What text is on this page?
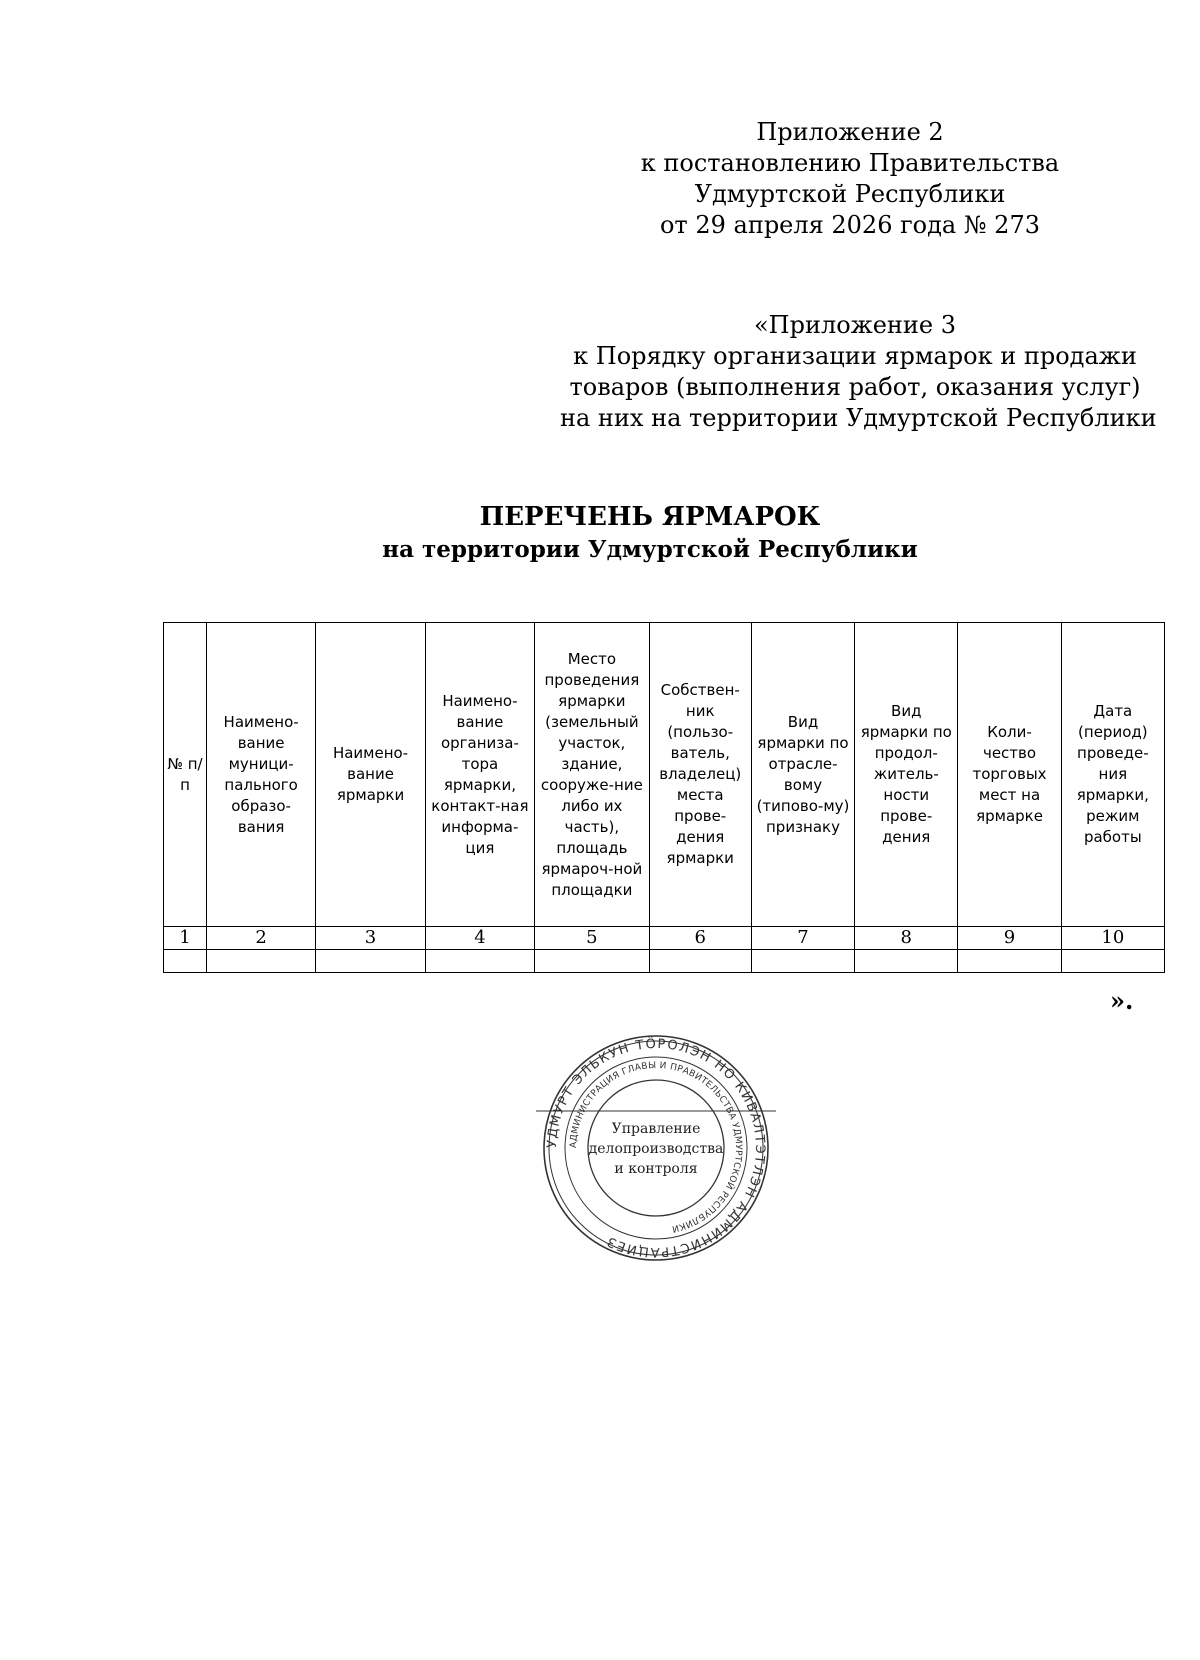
Приложение 2
к постановлению Правительства
Удмуртской Республики
от 29 апреля 2026 года № 273
«Приложение 3
к Порядку организации ярмарок и продажи
товаров (выполнения работ, оказания услуг)
на них на территории Удмуртской Республики
ПЕРЕЧЕНЬ ЯРМАРОК
на территории Удмуртской Республики
№ п/п	Наимено-вание муници-пального образо-вания	Наимено-вание ярмарки	Наимено-вание организа-тора ярмарки, контакт-ная информа-ция	Место проведения ярмарки (земельный участок, здание, сооруже-ние либо их часть), площадь ярмароч-ной площадки	Собствен-ник (пользо-ватель, владелец) места прове-дения ярмарки	Вид ярмарки по отрасле-вому (типово-му) признаку	Вид ярмарки по продол-житель-ности прове-дения	Коли-чество торговых мест на ярмарке	Дата (период) проведе-ния ярмарки, режим работы
1	2	3	4	5	6	7	8	9	10

».
УДМУРТ ЭЛЬКУН ТӦРОЛЭН НО КИВАЛТЭТЛЭН АДМИНИСТРАЦИЕЗ
АДМИНИСТРАЦИЯ ГЛАВЫ И ПРАВИТЕЛЬСТВА УДМУРТСКОЙ РЕСПУБЛИКИ
Управление
делопроизводства
и контроля
